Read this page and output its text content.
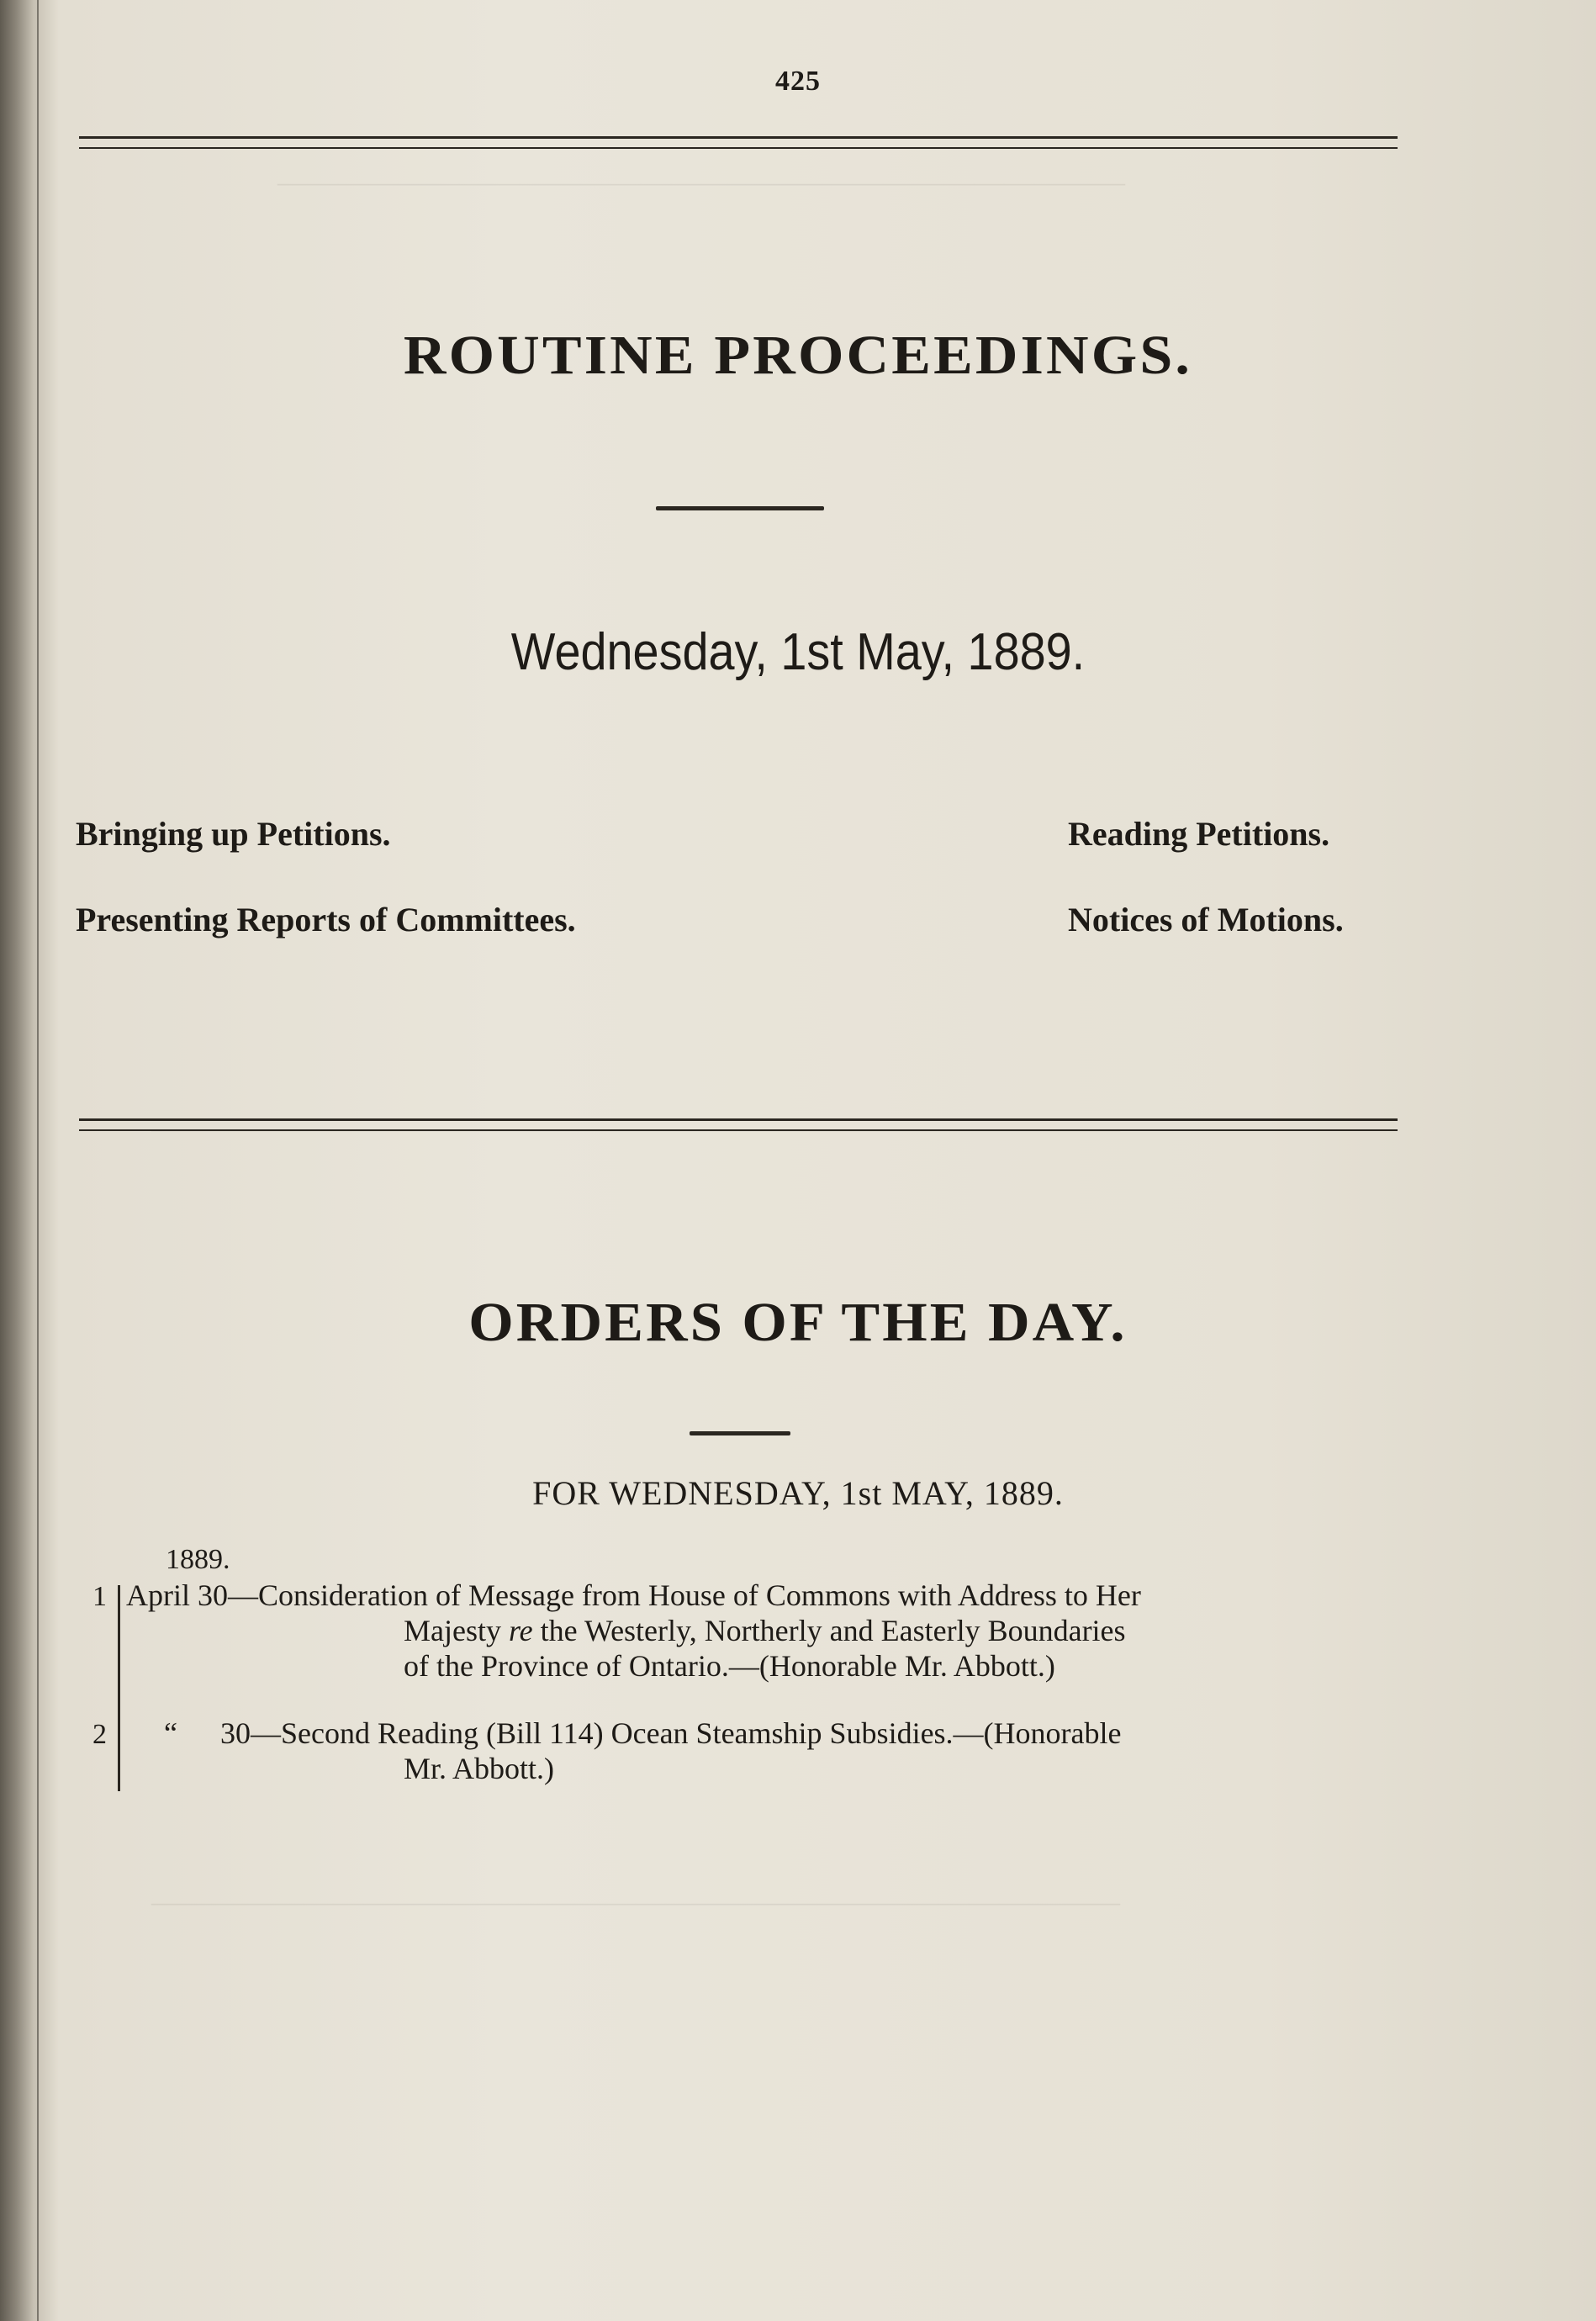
————————————————————————————
————————————————————————————————
————————————————————————————————
425
ROUTINE PROCEEDINGS.
Wednesday, 1st May, 1889.
Bringing up Petitions.	Reading Petitions.
Presenting Reports of Committees.	Notices of Motions.
ORDERS OF THE DAY.
FOR WEDNESDAY, 1st MAY, 1889.
1889.
1 April 30—Consideration of Message from House of Commons with Address to Her
Majesty re the Westerly, Northerly and Easterly Boundaries
of the Province of Ontario.—(Honorable Mr. Abbott.)
2 “ 30—Second Reading (Bill 114) Ocean Steamship Subsidies.—(Honorable
Mr. Abbott.)
